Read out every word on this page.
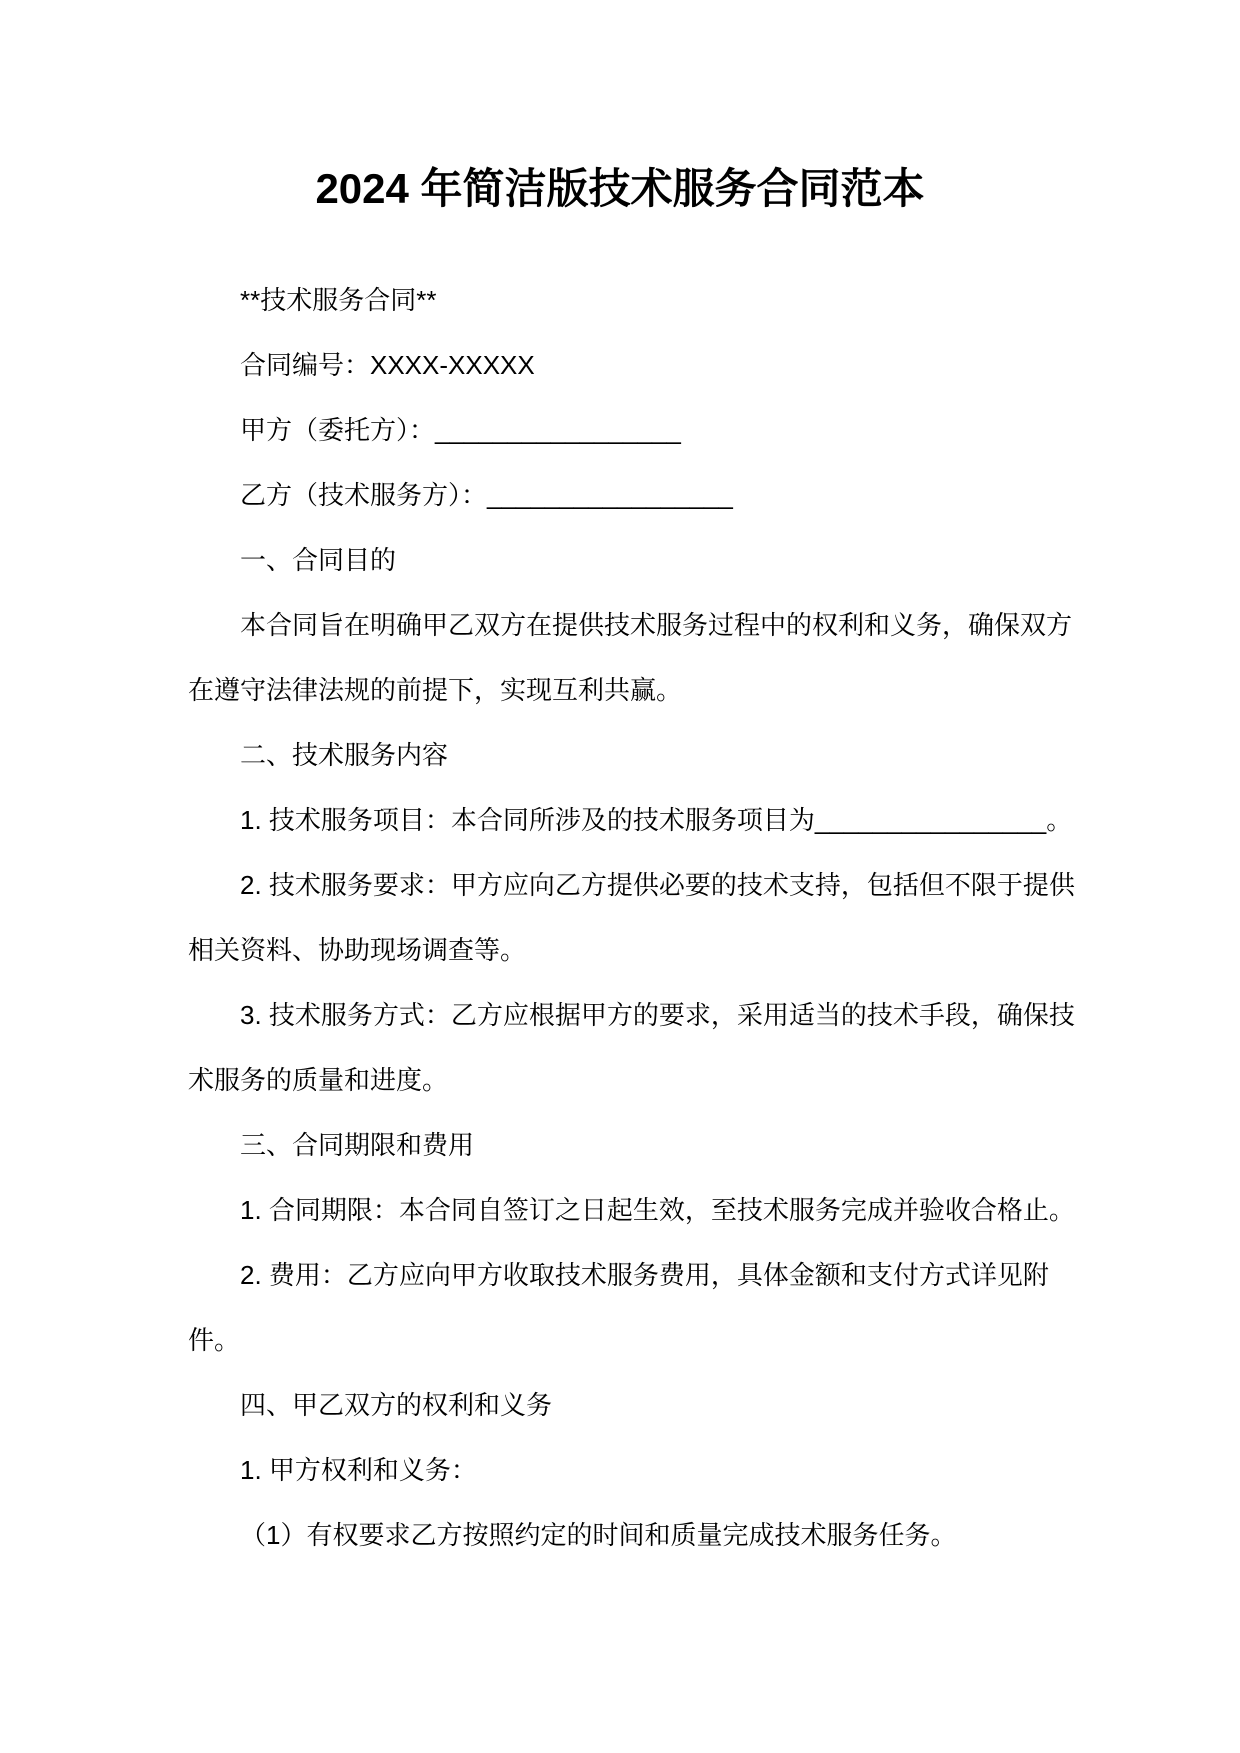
2024 年简洁版技术服务合同范本
**技术服务合同**
合同编号：XXXX-XXXXX
甲方（委托方）：_________________
乙方（技术服务方）：_________________
一、合同目的
本合同旨在明确甲乙双方在提供技术服务过程中的权利和义务，确保双方
在遵守法律法规的前提下，实现互利共赢。
二、技术服务内容
1. 技术服务项目：本合同所涉及的技术服务项目为________________。
2. 技术服务要求：甲方应向乙方提供必要的技术支持，包括但不限于提供
相关资料、协助现场调查等。
3. 技术服务方式：乙方应根据甲方的要求，采用适当的技术手段，确保技
术服务的质量和进度。
三、合同期限和费用
1. 合同期限：本合同自签订之日起生效，至技术服务完成并验收合格止。
2. 费用：乙方应向甲方收取技术服务费用，具体金额和支付方式详见附
件。
四、甲乙双方的权利和义务
1. 甲方权利和义务：
（1）有权要求乙方按照约定的时间和质量完成技术服务任务。
